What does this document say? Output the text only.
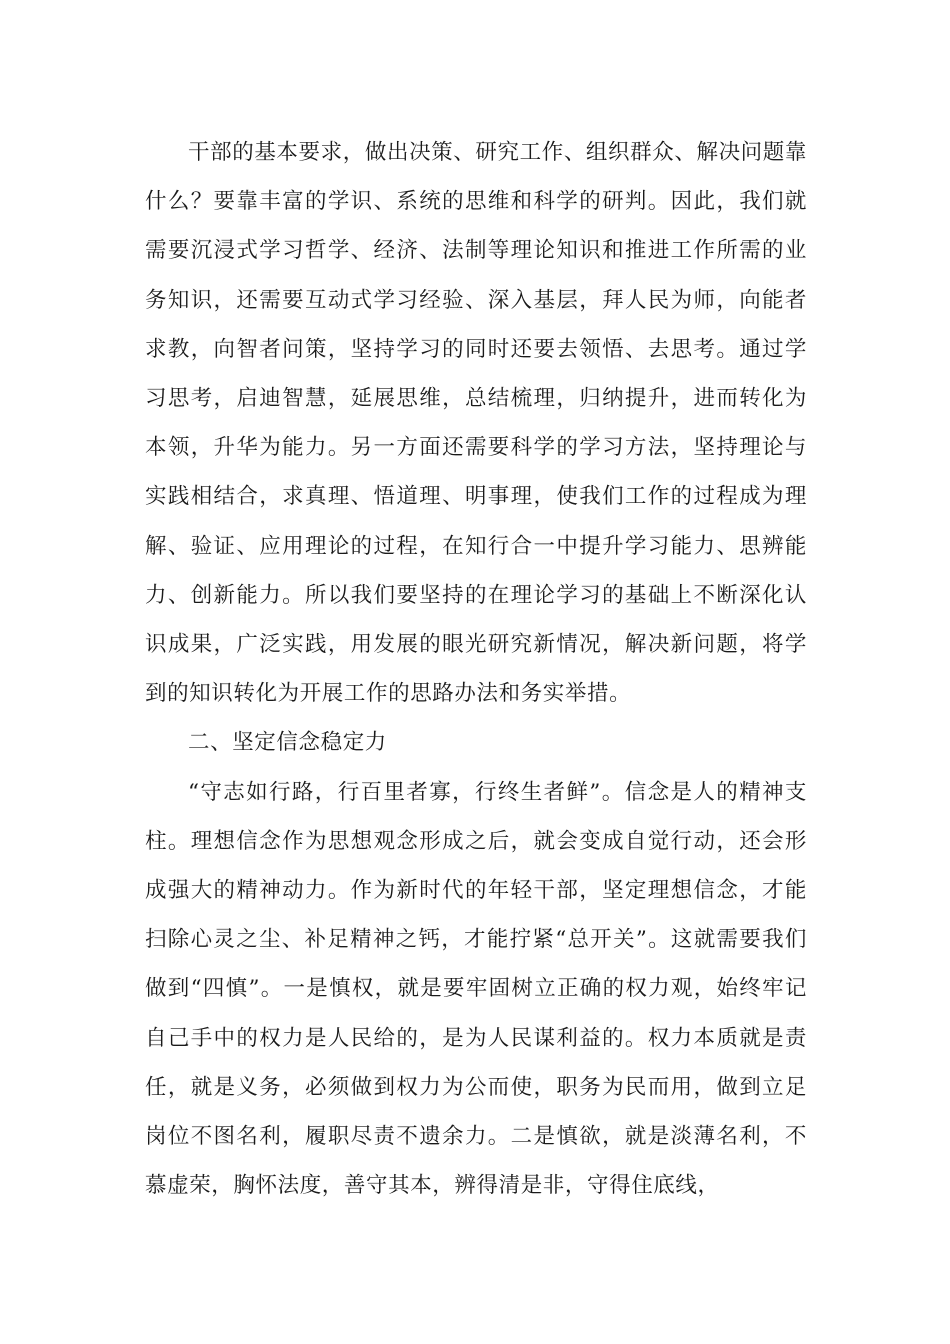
干部的基本要求，做出决策、研究工作、组织群众、解决问题靠什么？要靠丰富的学识、系统的思维和科学的研判。因此，我们就需要沉浸式学习哲学、经济、法制等理论知识和推进工作所需的业务知识，还需要互动式学习经验、深入基层，拜人民为师，向能者求教，向智者问策，坚持学习的同时还要去领悟、去思考。通过学习思考，启迪智慧，延展思维，总结梳理，归纳提升，进而转化为本领，升华为能力。另一方面还需要科学的学习方法，坚持理论与实践相结合，求真理、悟道理、明事理，使我们工作的过程成为理解、验证、应用理论的过程，在知行合一中提升学习能力、思辨能力、创新能力。所以我们要坚持的在理论学习的基础上不断深化认识成果，广泛实践，用发展的眼光研究新情况，解决新问题，将学到的知识转化为开展工作的思路办法和务实举措。

二、坚定信念稳定力

“守志如行路，行百里者寡，行终生者鲜”。信念是人的精神支柱。理想信念作为思想观念形成之后，就会变成自觉行动，还会形成强大的精神动力。作为新时代的年轻干部，坚定理想信念，才能扫除心灵之尘、补足精神之钙，才能拧紧“总开关”。这就需要我们做到“四慎”。一是慎权，就是要牢固树立正确的权力观，始终牢记自己手中的权力是人民给的，是为人民谋利益的。权力本质就是责任，就是义务，必须做到权力为公而使，职务为民而用，做到立足岗位不图名利，履职尽责不遗余力。二是慎欲，就是淡薄名利，不慕虚荣，胸怀法度，善守其本，辨得清是非，守得住底线，
